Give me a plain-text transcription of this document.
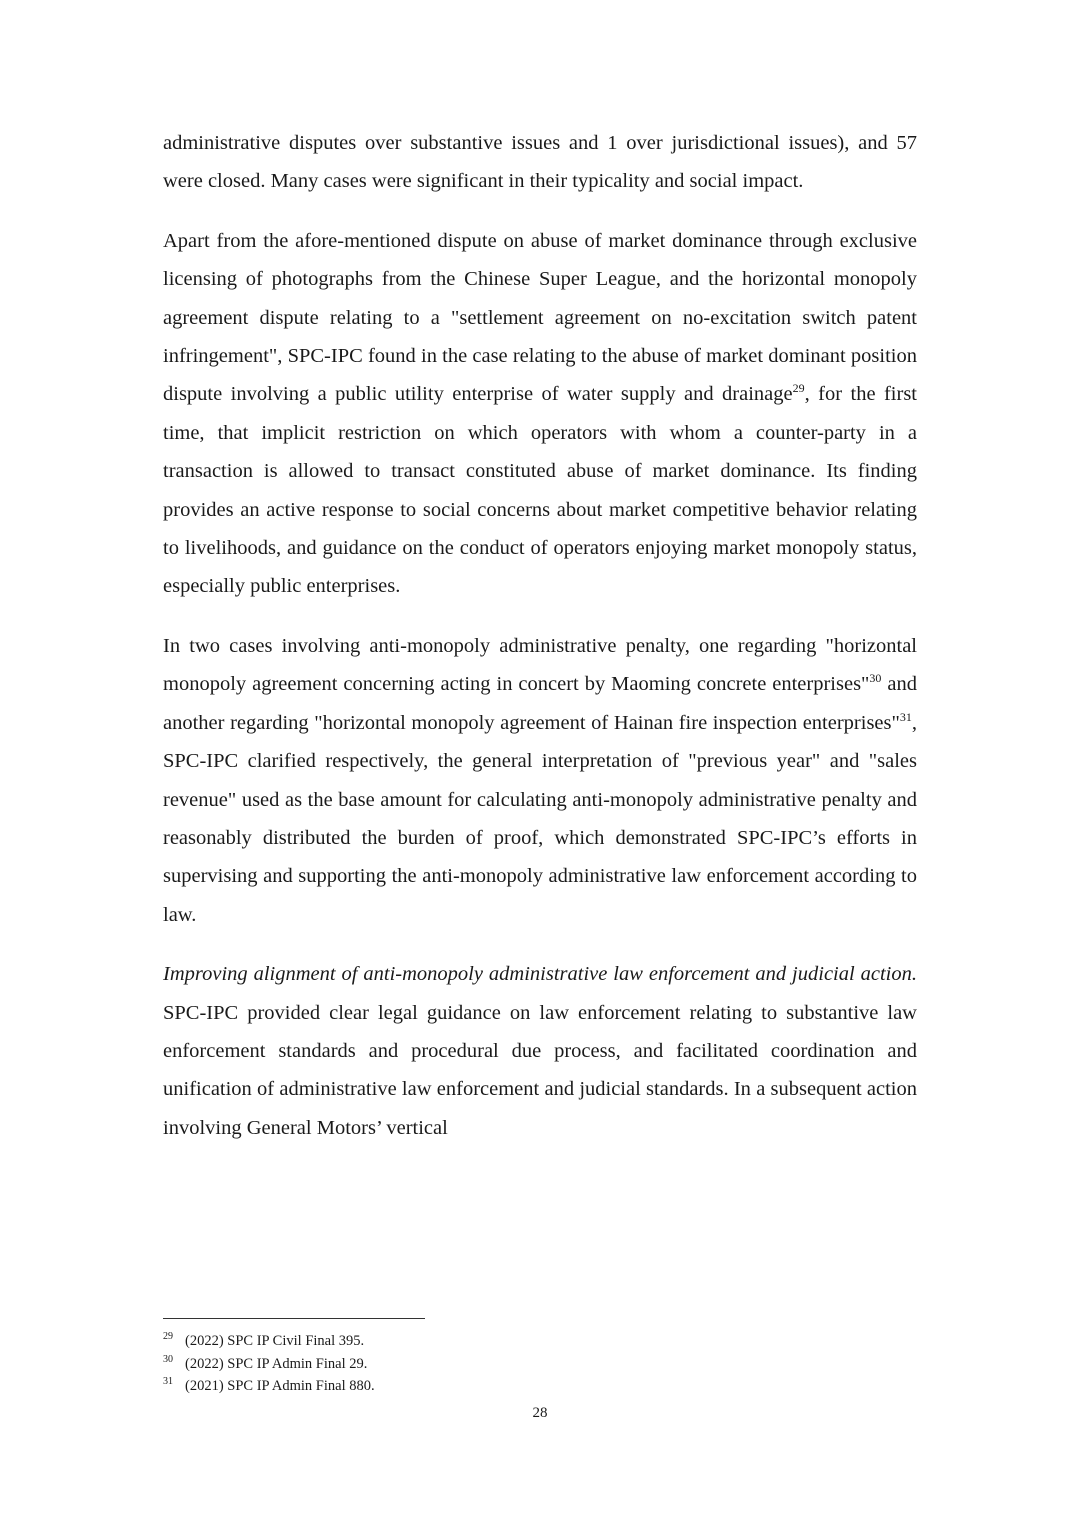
administrative disputes over substantive issues and 1 over jurisdictional issues), and 57 were closed. Many cases were significant in their typicality and social impact.

Apart from the afore-mentioned dispute on abuse of market dominance through exclusive licensing of photographs from the Chinese Super League, and the horizontal monopoly agreement dispute relating to a "settlement agreement on no-excitation switch patent infringement", SPC-IPC found in the case relating to the abuse of market dominant position dispute involving a public utility enterprise of water supply and drainage$^{29}$, for the first time, that implicit restriction on which operators with whom a counter-party in a transaction is allowed to transact constituted abuse of market dominance. Its finding provides an active response to social concerns about market competitive behavior relating to livelihoods, and guidance on the conduct of operators enjoying market monopoly status, especially public enterprises.

In two cases involving anti-monopoly administrative penalty, one regarding "horizontal monopoly agreement concerning acting in concert by Maoming concrete enterprises"$^{30}$ and another regarding "horizontal monopoly agreement of Hainan fire inspection enterprises"$^{31}$, SPC-IPC clarified respectively, the general interpretation of "previous year" and "sales revenue" used as the base amount for calculating anti-monopoly administrative penalty and reasonably distributed the burden of proof, which demonstrated SPC-IPC’s efforts in supervising and supporting the anti-monopoly administrative law enforcement according to law.

Improving alignment of anti-monopoly administrative law enforcement and judicial action. SPC-IPC provided clear legal guidance on law enforcement relating to substantive law enforcement standards and procedural due process, and facilitated coordination and unification of administrative law enforcement and judicial standards. In a subsequent action involving General Motors’ vertical

29 (2022) SPC IP Civil Final 395.
30 (2022) SPC IP Admin Final 29.
31 (2021) SPC IP Admin Final 880.
28
